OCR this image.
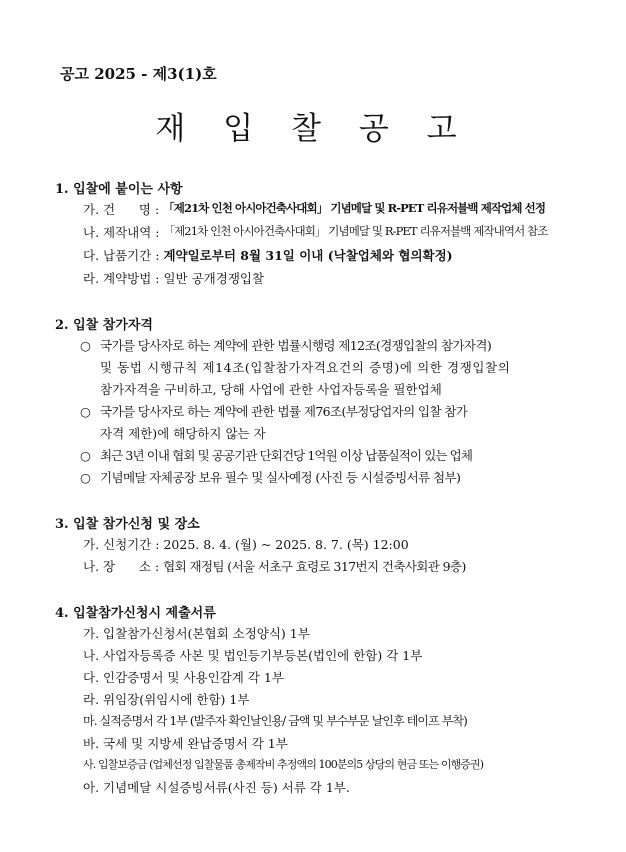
공고 2025 - 제3(1)호
재 입 찰 공 고
1. 입찰에 붙이는 사항
가. 건      명 : 「제21차 인천 아시아건축사대회」 기념메달 및 R-PET 리유저블백 제작업체 선정
나. 제작내역 : 「제21차 인천 아시아건축사대회」 기념메달 및 R-PET 리유저블백 제작내역서 참조
다. 납품기간 : 계약일로부터 8월 31일 이내 (낙찰업체와 협의확정)
라. 계약방법 : 일반 공개경쟁입찰
2. 입찰 참가자격
○ 국가를 당사자로 하는 계약에 관한 법률시행령 제12조(경쟁입찰의 참가자격)
및 동법 시행규칙 제14조(입찰참가자격요건의 증명)에 의한 경쟁입찰의
참가자격을 구비하고, 당해 사업에 관한 사업자등록을 필한업체
○ 국가를 당사자로 하는 계약에 관한 법률 제76조(부정당업자의 입찰 참가
자격 제한)에 해당하지 않는 자
○ 최근 3년 이내 협회 및 공공기관 단회건당 1억원 이상 납품실적이 있는 업체
○ 기념메달 자체공장 보유 필수 및 실사예정 (사진 등 시설증빙서류 첨부)
3. 입찰 참가신청 및 장소
가. 신청기간 : 2025. 8. 4. (월) ~ 2025. 8. 7. (목) 12:00
나. 장      소 : 협회 재정팀 (서울 서초구 효령로 317번지 건축사회관 9층)
4. 입찰참가신청시 제출서류
가. 입찰참가신청서(본협회 소정양식) 1부
나. 사업자등록증 사본 및 법인등기부등본(법인에 한함) 각 1부
다. 인감증명서 및 사용인감계 각 1부
라. 위임장(위임시에 한함) 1부
마. 실적증명서 각 1부 (발주자 확인날인용/ 금액 및 부수부문 날인후 테이프 부착)
바. 국세 및 지방세 완납증명서 각 1부
사. 입찰보증금 (업체선정 입찰물품 총제작비 추정액의 100분의5 상당의 현금 또는 이행증권)
아. 기념메달 시설증빙서류(사진 등) 서류 각 1부.
